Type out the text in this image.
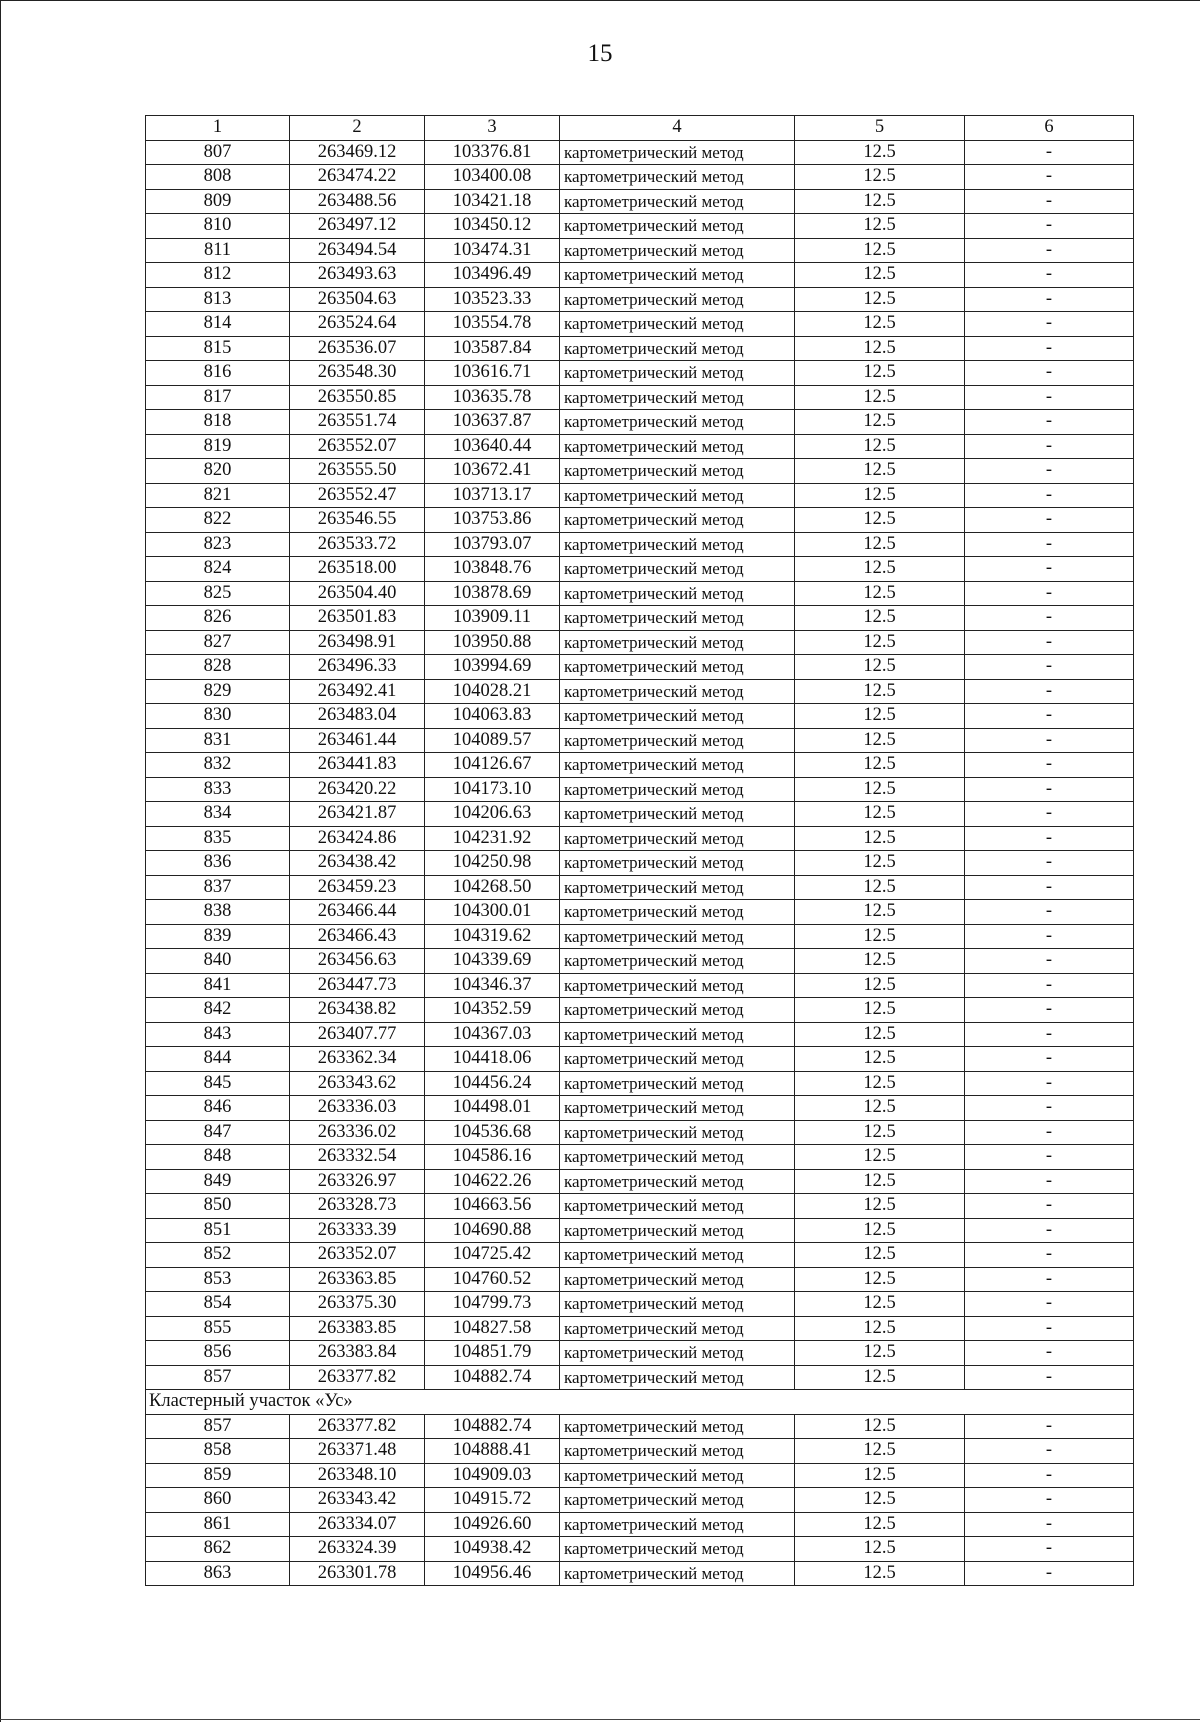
15
1	2	3	4	5	6
807	263469.12	103376.81	картометрический метод	12.5	-
808	263474.22	103400.08	картометрический метод	12.5	-
809	263488.56	103421.18	картометрический метод	12.5	-
810	263497.12	103450.12	картометрический метод	12.5	-
811	263494.54	103474.31	картометрический метод	12.5	-
812	263493.63	103496.49	картометрический метод	12.5	-
813	263504.63	103523.33	картометрический метод	12.5	-
814	263524.64	103554.78	картометрический метод	12.5	-
815	263536.07	103587.84	картометрический метод	12.5	-
816	263548.30	103616.71	картометрический метод	12.5	-
817	263550.85	103635.78	картометрический метод	12.5	-
818	263551.74	103637.87	картометрический метод	12.5	-
819	263552.07	103640.44	картометрический метод	12.5	-
820	263555.50	103672.41	картометрический метод	12.5	-
821	263552.47	103713.17	картометрический метод	12.5	-
822	263546.55	103753.86	картометрический метод	12.5	-
823	263533.72	103793.07	картометрический метод	12.5	-
824	263518.00	103848.76	картометрический метод	12.5	-
825	263504.40	103878.69	картометрический метод	12.5	-
826	263501.83	103909.11	картометрический метод	12.5	-
827	263498.91	103950.88	картометрический метод	12.5	-
828	263496.33	103994.69	картометрический метод	12.5	-
829	263492.41	104028.21	картометрический метод	12.5	-
830	263483.04	104063.83	картометрический метод	12.5	-
831	263461.44	104089.57	картометрический метод	12.5	-
832	263441.83	104126.67	картометрический метод	12.5	-
833	263420.22	104173.10	картометрический метод	12.5	-
834	263421.87	104206.63	картометрический метод	12.5	-
835	263424.86	104231.92	картометрический метод	12.5	-
836	263438.42	104250.98	картометрический метод	12.5	-
837	263459.23	104268.50	картометрический метод	12.5	-
838	263466.44	104300.01	картометрический метод	12.5	-
839	263466.43	104319.62	картометрический метод	12.5	-
840	263456.63	104339.69	картометрический метод	12.5	-
841	263447.73	104346.37	картометрический метод	12.5	-
842	263438.82	104352.59	картометрический метод	12.5	-
843	263407.77	104367.03	картометрический метод	12.5	-
844	263362.34	104418.06	картометрический метод	12.5	-
845	263343.62	104456.24	картометрический метод	12.5	-
846	263336.03	104498.01	картометрический метод	12.5	-
847	263336.02	104536.68	картометрический метод	12.5	-
848	263332.54	104586.16	картометрический метод	12.5	-
849	263326.97	104622.26	картометрический метод	12.5	-
850	263328.73	104663.56	картометрический метод	12.5	-
851	263333.39	104690.88	картометрический метод	12.5	-
852	263352.07	104725.42	картометрический метод	12.5	-
853	263363.85	104760.52	картометрический метод	12.5	-
854	263375.30	104799.73	картометрический метод	12.5	-
855	263383.85	104827.58	картометрический метод	12.5	-
856	263383.84	104851.79	картометрический метод	12.5	-
857	263377.82	104882.74	картометрический метод	12.5	-
Кластерный участок «Ус»					
857	263377.82	104882.74	картометрический метод	12.5	-
858	263371.48	104888.41	картометрический метод	12.5	-
859	263348.10	104909.03	картометрический метод	12.5	-
860	263343.42	104915.72	картометрический метод	12.5	-
861	263334.07	104926.60	картометрический метод	12.5	-
862	263324.39	104938.42	картометрический метод	12.5	-
863	263301.78	104956.46	картометрический метод	12.5	-
